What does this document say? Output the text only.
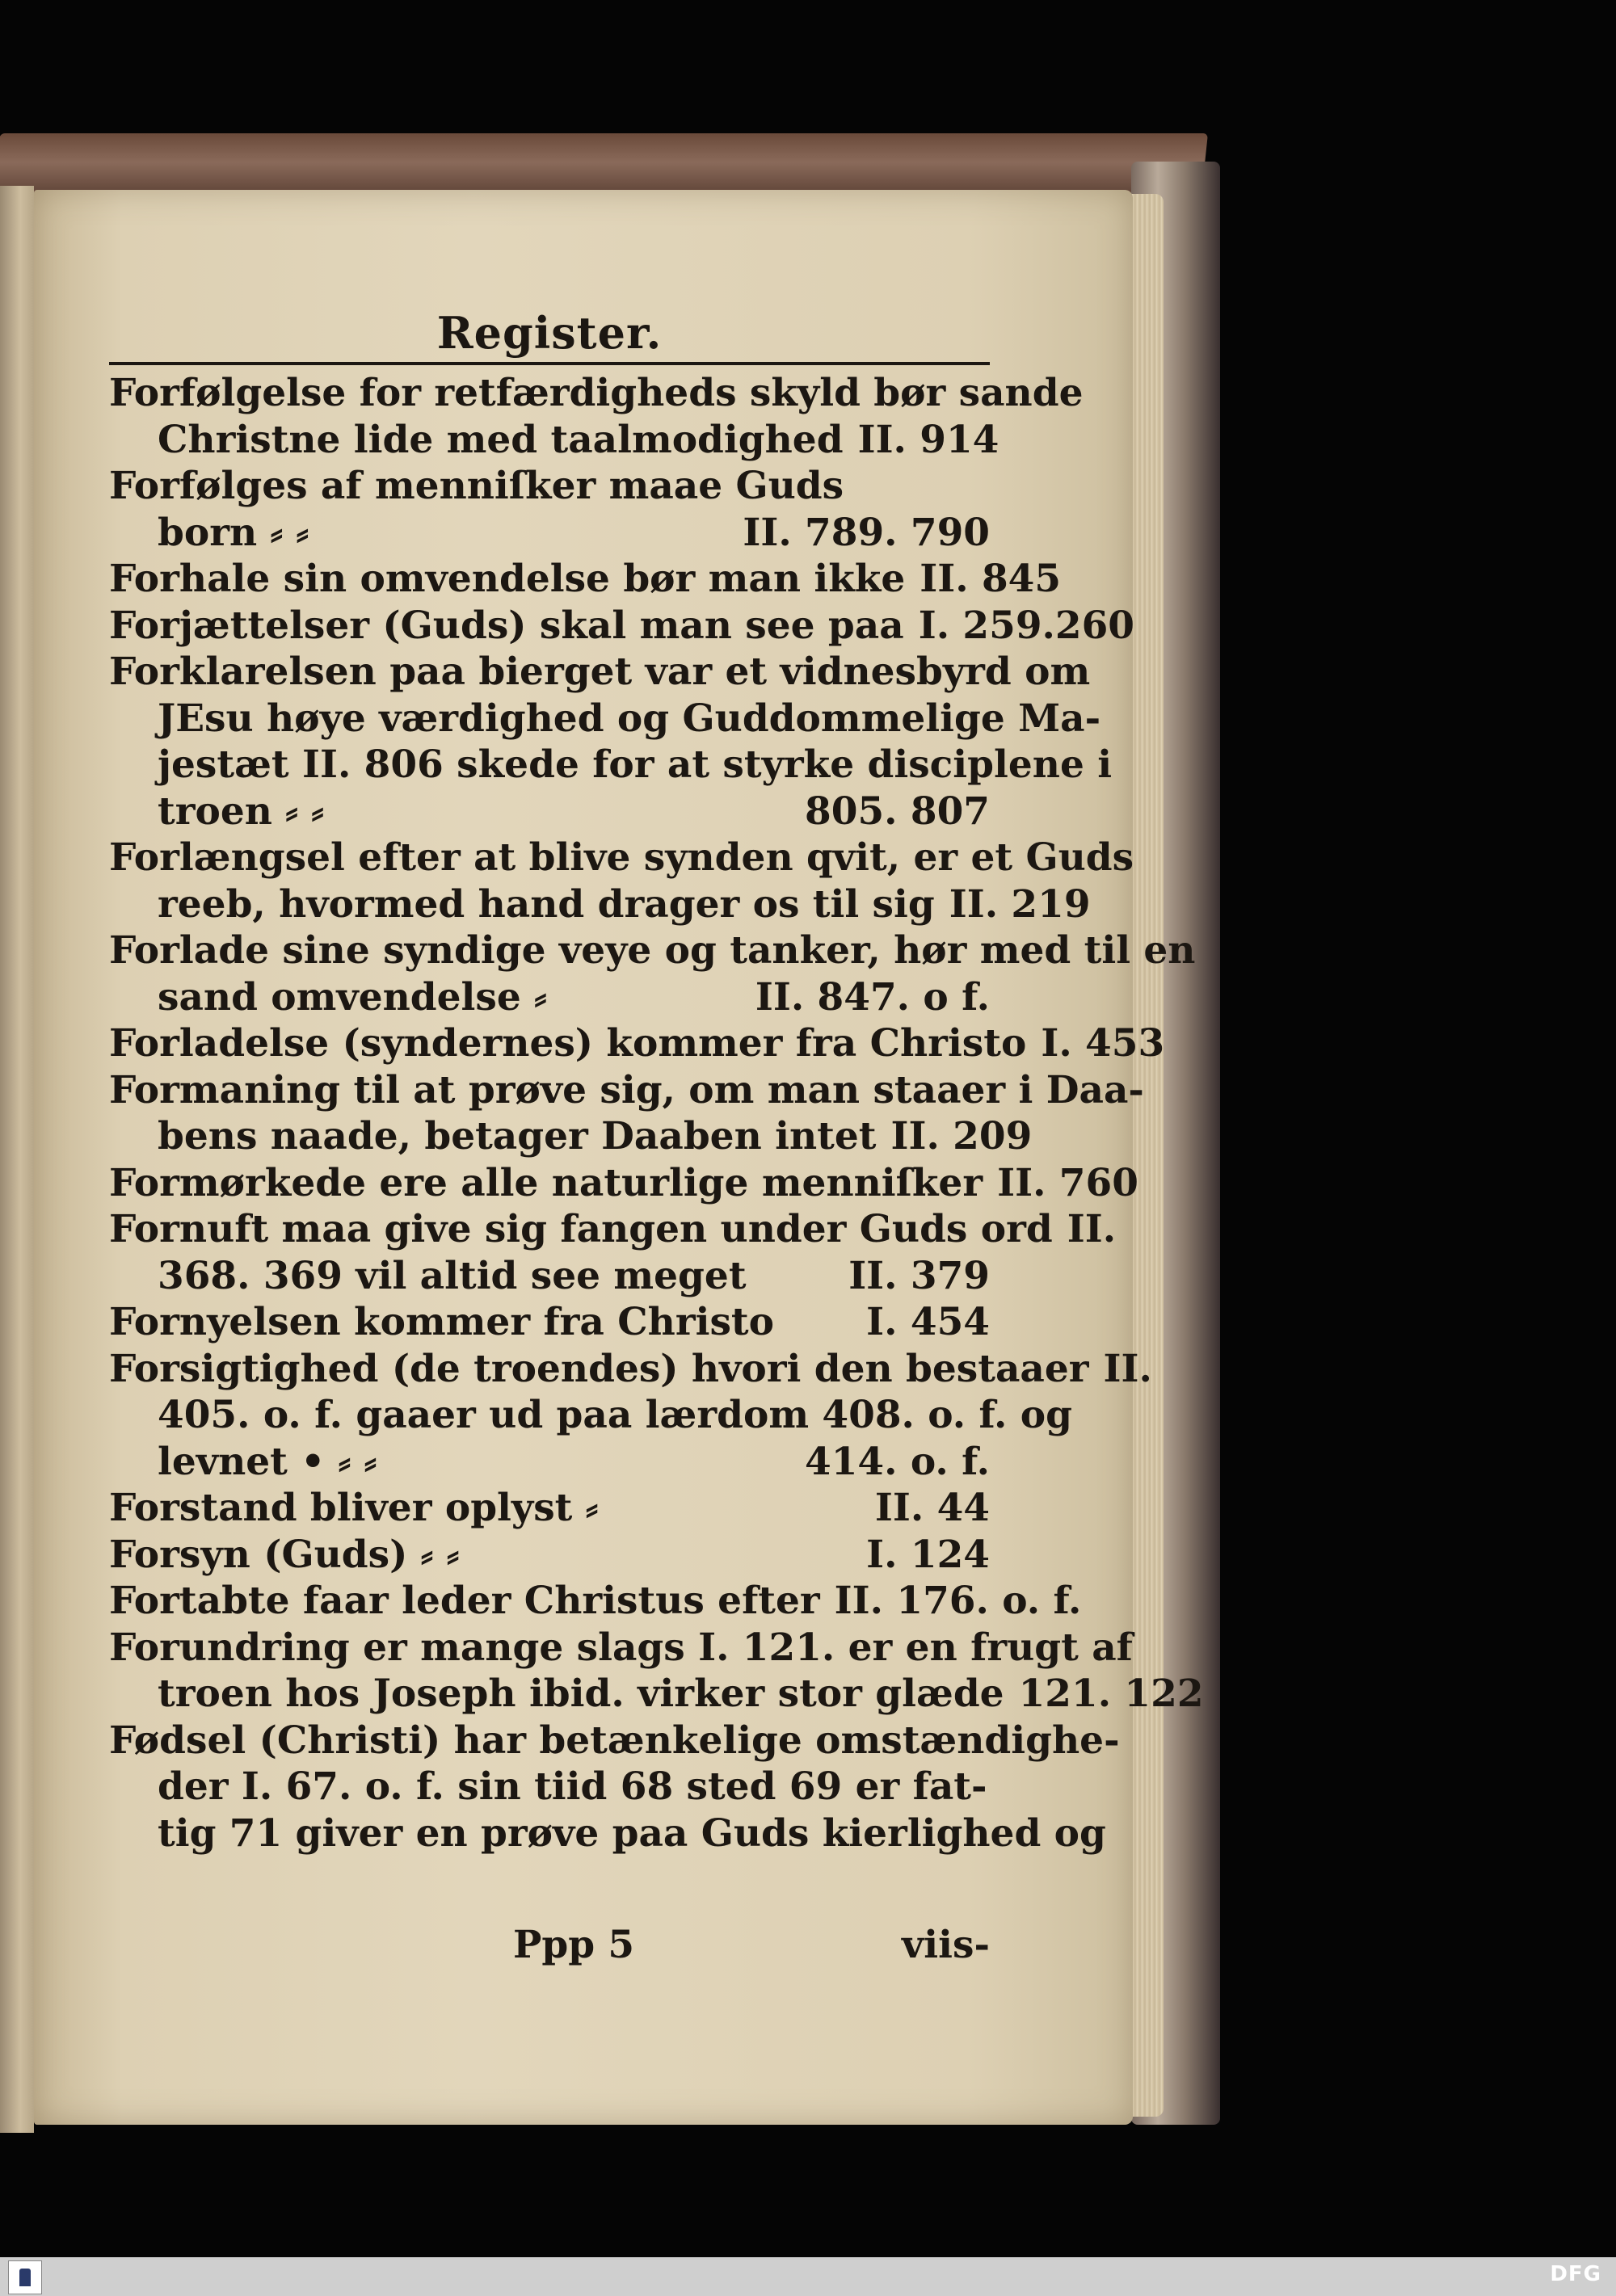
Register.
Forfølgelse for retfærdigheds skyld bør sande
Christne lide med taalmodighed II. 914
Forfølges af menniſker maae Guds
born ⸗ ⸗	II. 789. 790
Forhale sin omvendelse bør man ikke II. 845
Forjættelser (Guds) skal man see paa I. 259.260
Forklarelsen paa bierget var et vidnesbyrd om
JEsu høye værdighed og Guddommelige Ma-
jestæt II. 806 skede for at styrke disciplene i
troen ⸗ ⸗	805. 807
Forlængsel efter at blive synden qvit, er et Guds
reeb, hvormed hand drager os til sig II. 219
Forlade sine syndige veye og tanker, hør med til en
sand omvendelse ⸗	II. 847. o f.
Forladelse (syndernes) kommer fra Christo I. 453
Formaning til at prøve sig, om man staaer i Daa-
bens naade, betager Daaben intet II. 209
Formørkede ere alle naturlige menniſker II. 760
Fornuft maa give sig fangen under Guds ord II.
368. 369 vil altid see meget	II. 379
Fornyelsen kommer fra Christo	I. 454
Forsigtighed (de troendes) hvori den bestaaer II.
405. o. f. gaaer ud paa lærdom 408. o. f. og
levnet • ⸗ ⸗	414. o. f.
Forstand bliver oplyst ⸗	II. 44
Forsyn (Guds) ⸗ ⸗	I. 124
Fortabte faar leder Christus efter II. 176. o. f.
Forundring er mange slags I. 121. er en frugt af
troen hos Joseph ibid. virker stor glæde 121. 122
Fødsel (Christi) har betænkelige omstændighe-
der I. 67. o. f. sin tiid 68 sted 69 er fat-
tig 71 giver en prøve paa Guds kierlighed og
Ppp 5	viis-
DFG
